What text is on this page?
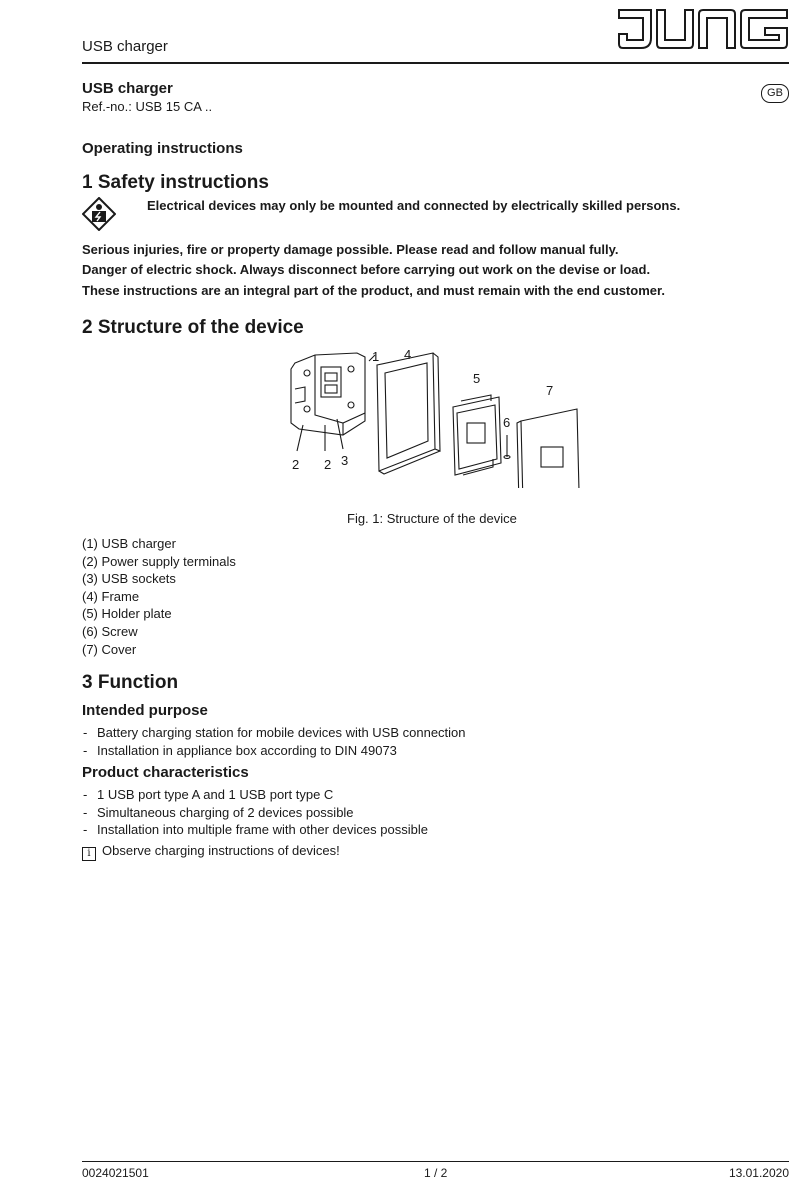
USB charger
JUNG
USB charger
Ref.-no.: USB 15 CA ..
GB
Operating instructions
1 Safety instructions
Electrical devices may only be mounted and connected by electrically skilled persons.
Serious injuries, fire or property damage possible. Please read and follow manual fully.
Danger of electric shock. Always disconnect before carrying out work on the devise or load.
These instructions are an integral part of the product, and must remain with the end customer.
2 Structure of the device
1 4
5
7
6
2 2 3
Fig. 1: Structure of the device
(1) USB charger
(2) Power supply terminals
(3) USB sockets
(4) Frame
(5) Holder plate
(6) Screw
(7) Cover
3 Function
Intended purpose
- Battery charging station for mobile devices with USB connection
- Installation in appliance box according to DIN 49073
Product characteristics
- 1 USB port type A and 1 USB port type C
- Simultaneous charging of 2 devices possible
- Installation into multiple frame with other devices possible
i Observe charging instructions of devices!
0024021501	1 / 2	13.01.2020
